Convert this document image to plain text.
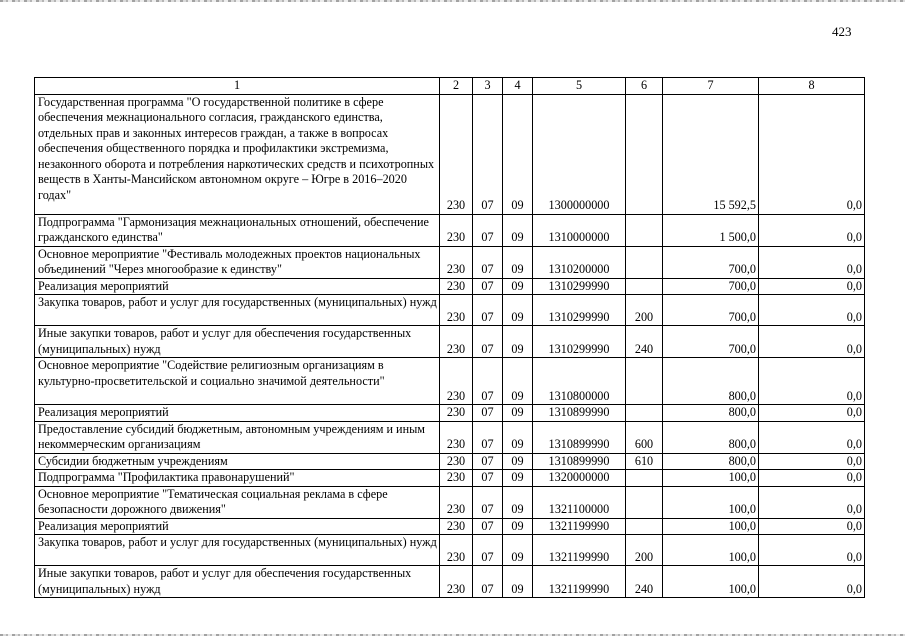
423
1	2	3	4	5	6	7	8
Государственная программа "О государственной политике в сфере обеспечения межнационального согласия, гражданского единства, отдельных прав и законных интересов граждан, а также в вопросах обеспечения общественного порядка и профилактики экстремизма, незаконного оборота и потребления наркотических средств и психотропных веществ в Ханты-Мансийском автономном округе – Югре в 2016–2020 годах"	230	07	09	1300000000		15 592,5	0,0
Подпрограмма "Гармонизация межнациональных отношений, обеспечение гражданского единства"	230	07	09	1310000000		1 500,0	0,0
Основное мероприятие "Фестиваль молодежных проектов национальных объединений "Через многообразие к единству"	230	07	09	1310200000		700,0	0,0
Реализация мероприятий	230	07	09	1310299990		700,0	0,0
Закупка товаров, работ и услуг для государственных (муниципальных) нужд	230	07	09	1310299990	200	700,0	0,0
Иные закупки товаров, работ и услуг для обеспечения государственных (муниципальных) нужд	230	07	09	1310299990	240	700,0	0,0
Основное мероприятие "Содействие религиозным организациям в культурно-просветительской и социально значимой деятельности"	230	07	09	1310800000		800,0	0,0
Реализация мероприятий	230	07	09	1310899990		800,0	0,0
Предоставление субсидий бюджетным, автономным учреждениям и иным некоммерческим организациям	230	07	09	1310899990	600	800,0	0,0
Субсидии бюджетным учреждениям	230	07	09	1310899990	610	800,0	0,0
Подпрограмма "Профилактика правонарушений"	230	07	09	1320000000		100,0	0,0
Основное мероприятие "Тематическая социальная реклама в сфере безопасности дорожного движения"	230	07	09	1321100000		100,0	0,0
Реализация мероприятий	230	07	09	1321199990		100,0	0,0
Закупка товаров, работ и услуг для государственных (муниципальных) нужд	230	07	09	1321199990	200	100,0	0,0
Иные закупки товаров, работ и услуг для обеспечения государственных (муниципальных) нужд	230	07	09	1321199990	240	100,0	0,0
